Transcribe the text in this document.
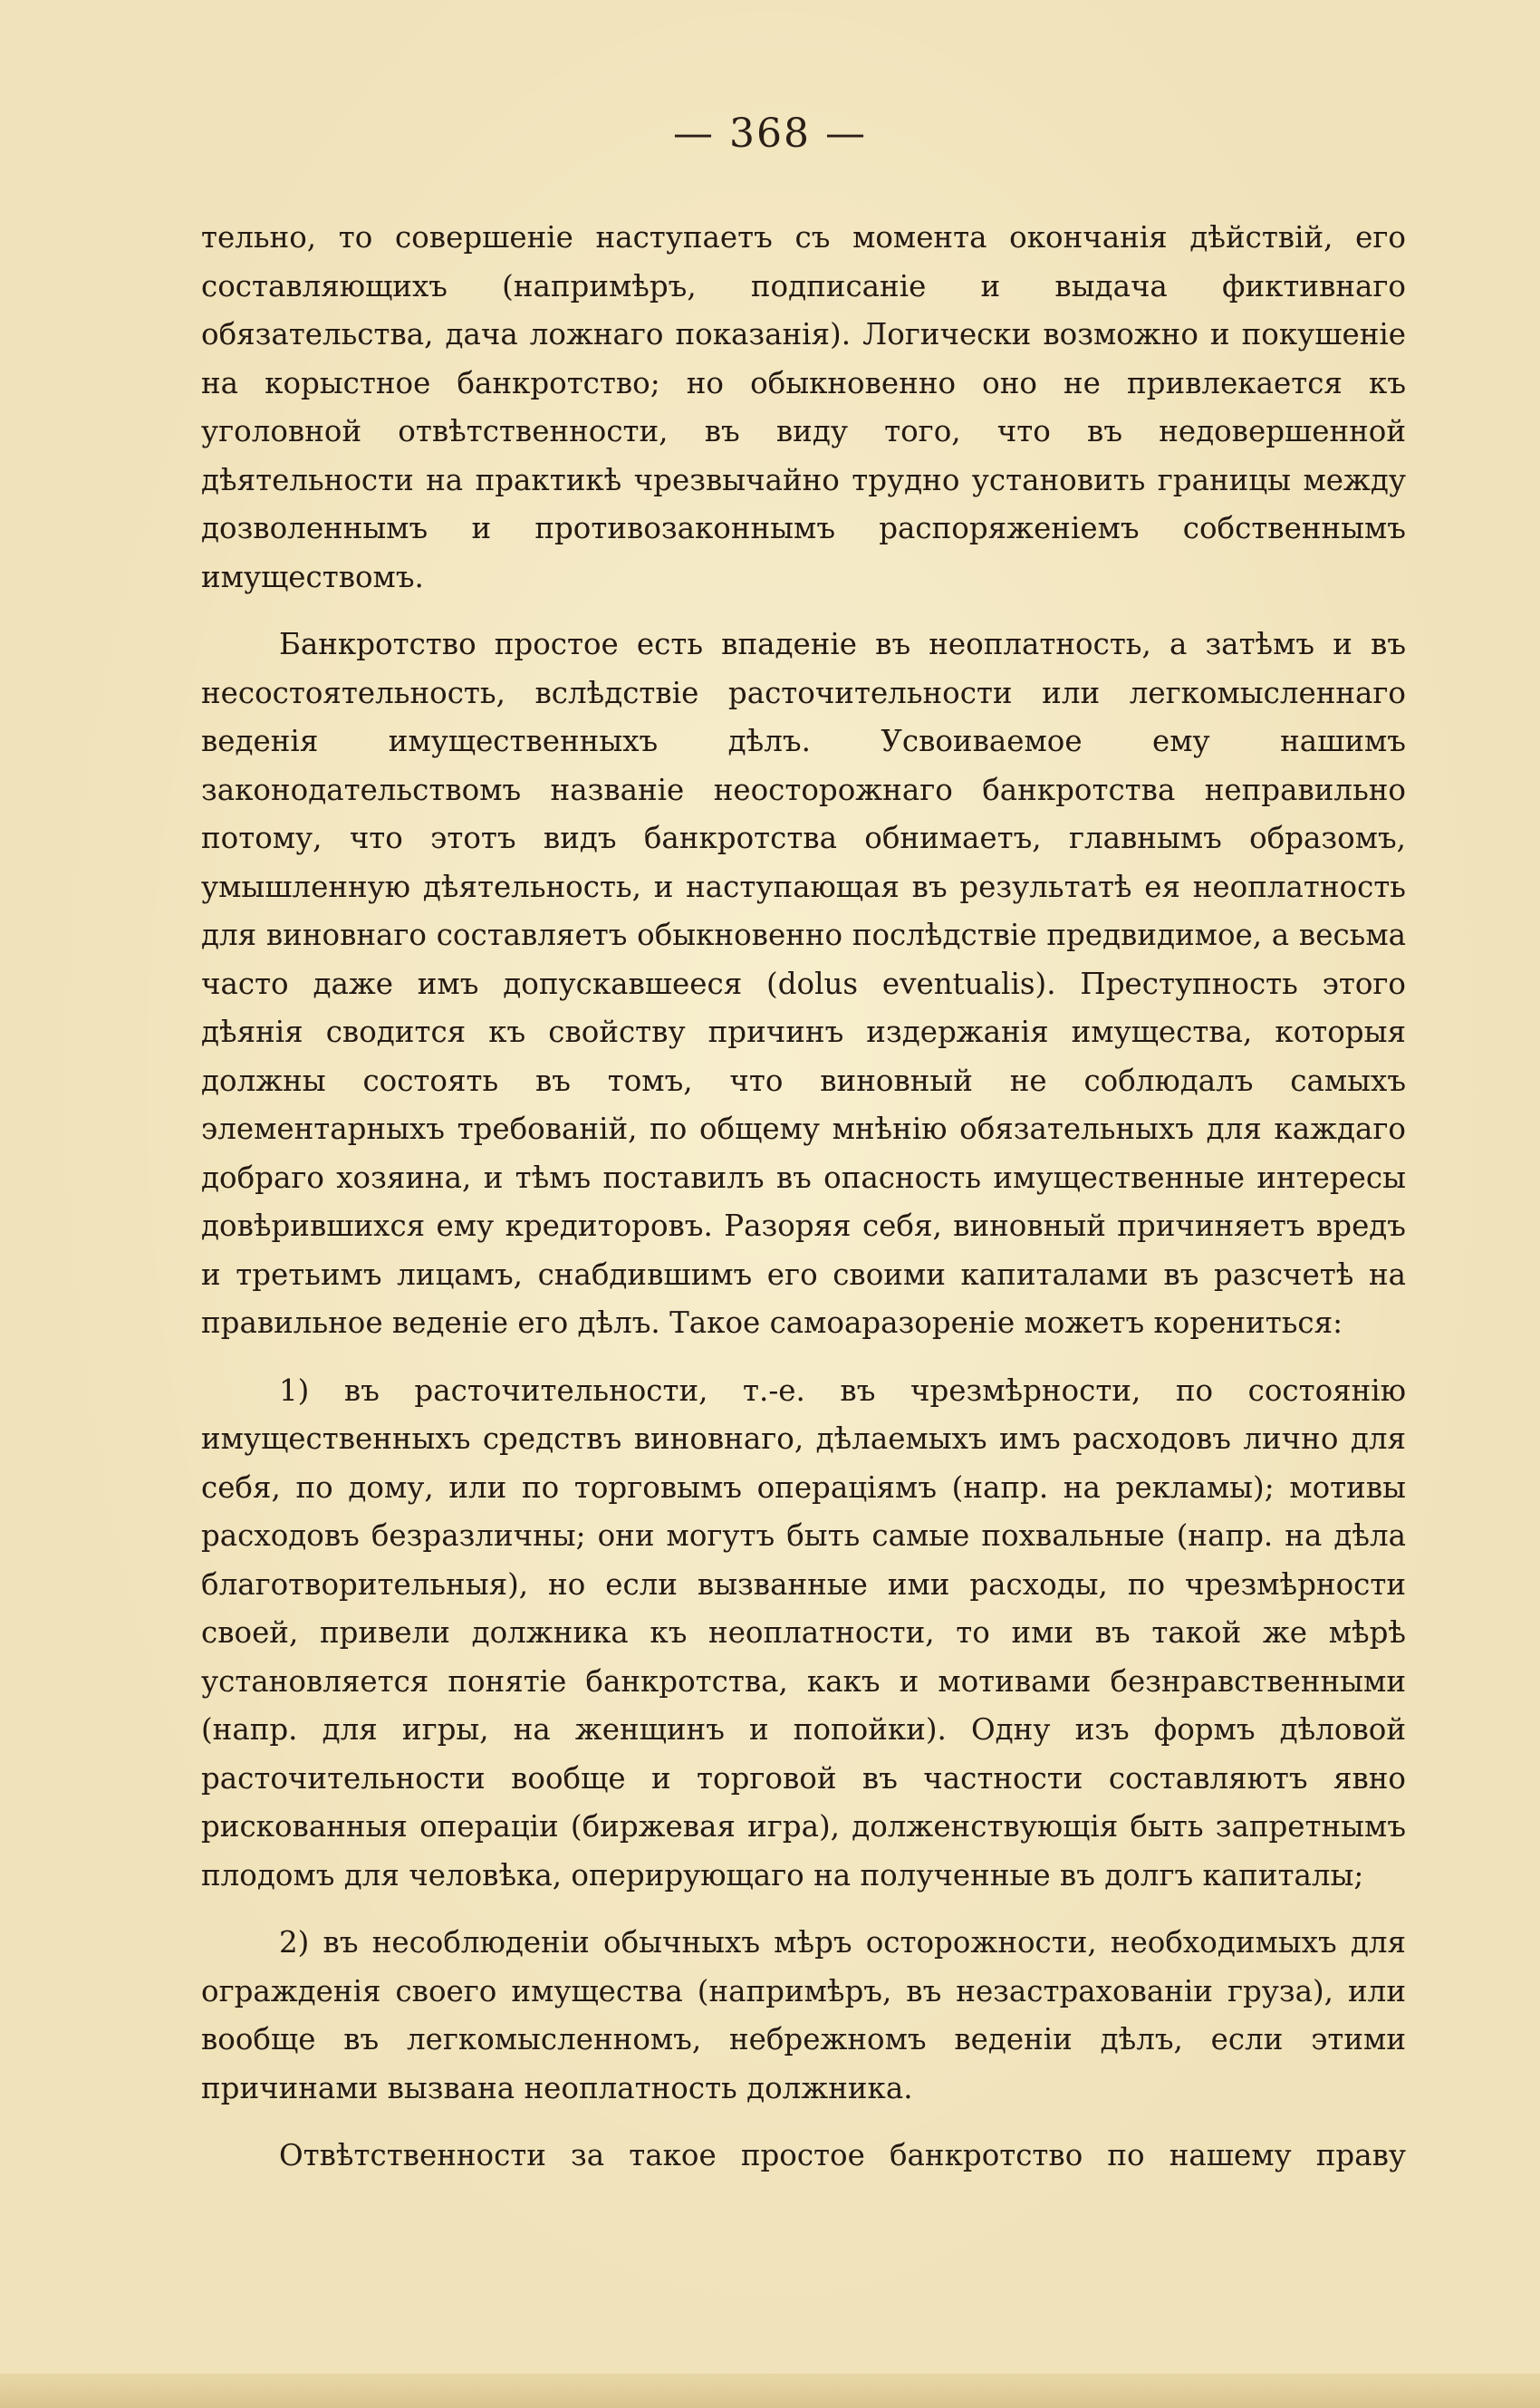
— 368 —

тельно, то совершеніе наступаетъ съ момента окончанія дѣйствій, его составляющихъ (напримѣръ, подписаніе и выдача фиктивнаго обязательства, дача ложнаго показанія). Логически возможно и покушеніе на корыстное банкротство; но обыкновенно оно не привлекается къ уголовной отвѣтственности, въ виду того, что въ недовершенной дѣятельности на практикѣ чрезвычайно трудно установить границы между дозволеннымъ и противозаконнымъ распоряженіемъ собственнымъ имуществомъ.

Банкротство простое есть впаденіе въ неоплатность, а затѣмъ и въ несостоятельность, вслѣдствіе расточительности или легкомысленнаго веденія имущественныхъ дѣлъ. Усвоиваемое ему нашимъ законодательствомъ названіе неосторожнаго банкротства неправильно потому, что этотъ видъ банкротства обнимаетъ, главнымъ образомъ, умышленную дѣятельность, и наступающая въ результатѣ ея неоплатность для виновнаго составляетъ обыкновенно послѣдствіе предвидимое, а весьма часто даже имъ допускавшееся (dolus eventualis). Преступность этого дѣянія сводится къ свойству причинъ издержанія имущества, которыя должны состоять въ томъ, что виновный не соблюдалъ самыхъ элементарныхъ требованій, по общему мнѣнію обязательныхъ для каждаго добраго хозяина, и тѣмъ поставилъ въ опасность имущественные интересы довѣрившихся ему кредиторовъ. Разоряя себя, виновный причиняетъ вредъ и третьимъ лицамъ, снабдившимъ его своими капиталами въ разсчетѣ на правильное веденіе его дѣлъ. Такое самоаразореніе можетъ корениться:

1) въ расточительности, т.-е. въ чрезмѣрности, по состоянію имущественныхъ средствъ виновнаго, дѣлаемыхъ имъ расходовъ лично для себя, по дому, или по торговымъ операціямъ (напр. на рекламы); мотивы расходовъ безразличны; они могутъ быть самые похвальные (напр. на дѣла благотворительныя), но если вызванные ими расходы, по чрезмѣрности своей, привели должника къ неоплатности, то ими въ такой же мѣрѣ установляется понятіе банкротства, какъ и мотивами безнравственными (напр. для игры, на женщинъ и попойки). Одну изъ формъ дѣловой расточительности вообще и торговой въ частности составляютъ явно рискованныя операціи (биржевая игра), долженствующія быть запретнымъ плодомъ для человѣка, оперирующаго на полученные въ долгъ капиталы;

2) въ несоблюденіи обычныхъ мѣръ осторожности, необходимыхъ для огражденія своего имущества (напримѣръ, въ незастрахованіи груза), или вообще въ легкомысленномъ, небрежномъ веденіи дѣлъ, если этими причинами вызвана неоплатность должника.

Отвѣтственности за такое простое банкротство по нашему праву
